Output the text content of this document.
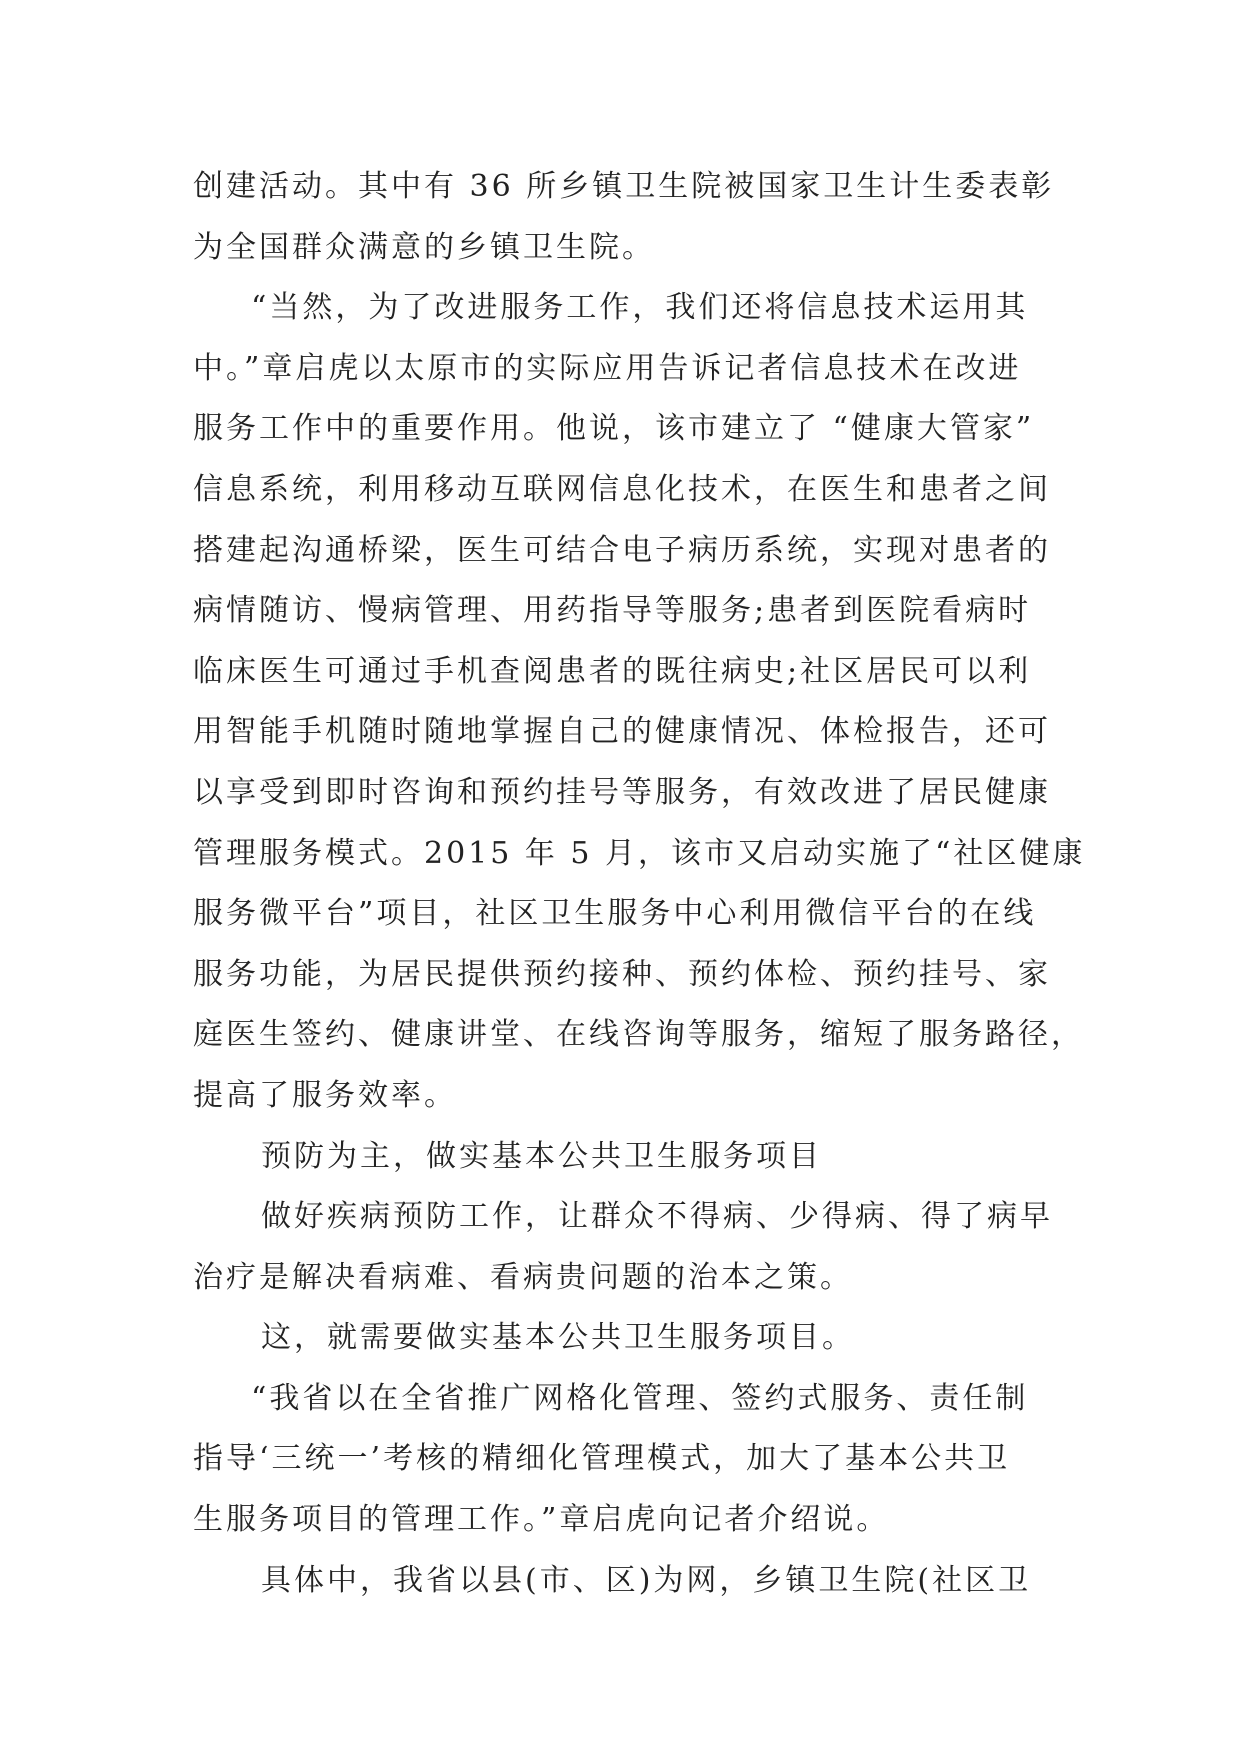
创建活动。其中有 36 所乡镇卫生院被国家卫生计生委表彰
为全国群众满意的乡镇卫生院。
“当然，为了改进服务工作，我们还将信息技术运用其
中。”章启虎以太原市的实际应用告诉记者信息技术在改进
服务工作中的重要作用。他说，该市建立了 “健康大管家”
信息系统，利用移动互联网信息化技术，在医生和患者之间
搭建起沟通桥梁，医生可结合电子病历系统，实现对患者的
病情随访、慢病管理、用药指导等服务;患者到医院看病时
临床医生可通过手机查阅患者的既往病史;社区居民可以利
用智能手机随时随地掌握自己的健康情况、体检报告，还可
以享受到即时咨询和预约挂号等服务，有效改进了居民健康
管理服务模式。2015 年 5 月，该市又启动实施了“社区健康
服务微平台”项目，社区卫生服务中心利用微信平台的在线
服务功能，为居民提供预约接种、预约体检、预约挂号、家
庭医生签约、健康讲堂、在线咨询等服务，缩短了服务路径，
提高了服务效率。
预防为主，做实基本公共卫生服务项目
做好疾病预防工作，让群众不得病、少得病、得了病早
治疗是解决看病难、看病贵问题的治本之策。
这，就需要做实基本公共卫生服务项目。
“我省以在全省推广网格化管理、签约式服务、责任制
指导‘三统一’考核的精细化管理模式，加大了基本公共卫
生服务项目的管理工作。”章启虎向记者介绍说。
具体中，我省以县(市、区)为网，乡镇卫生院(社区卫
